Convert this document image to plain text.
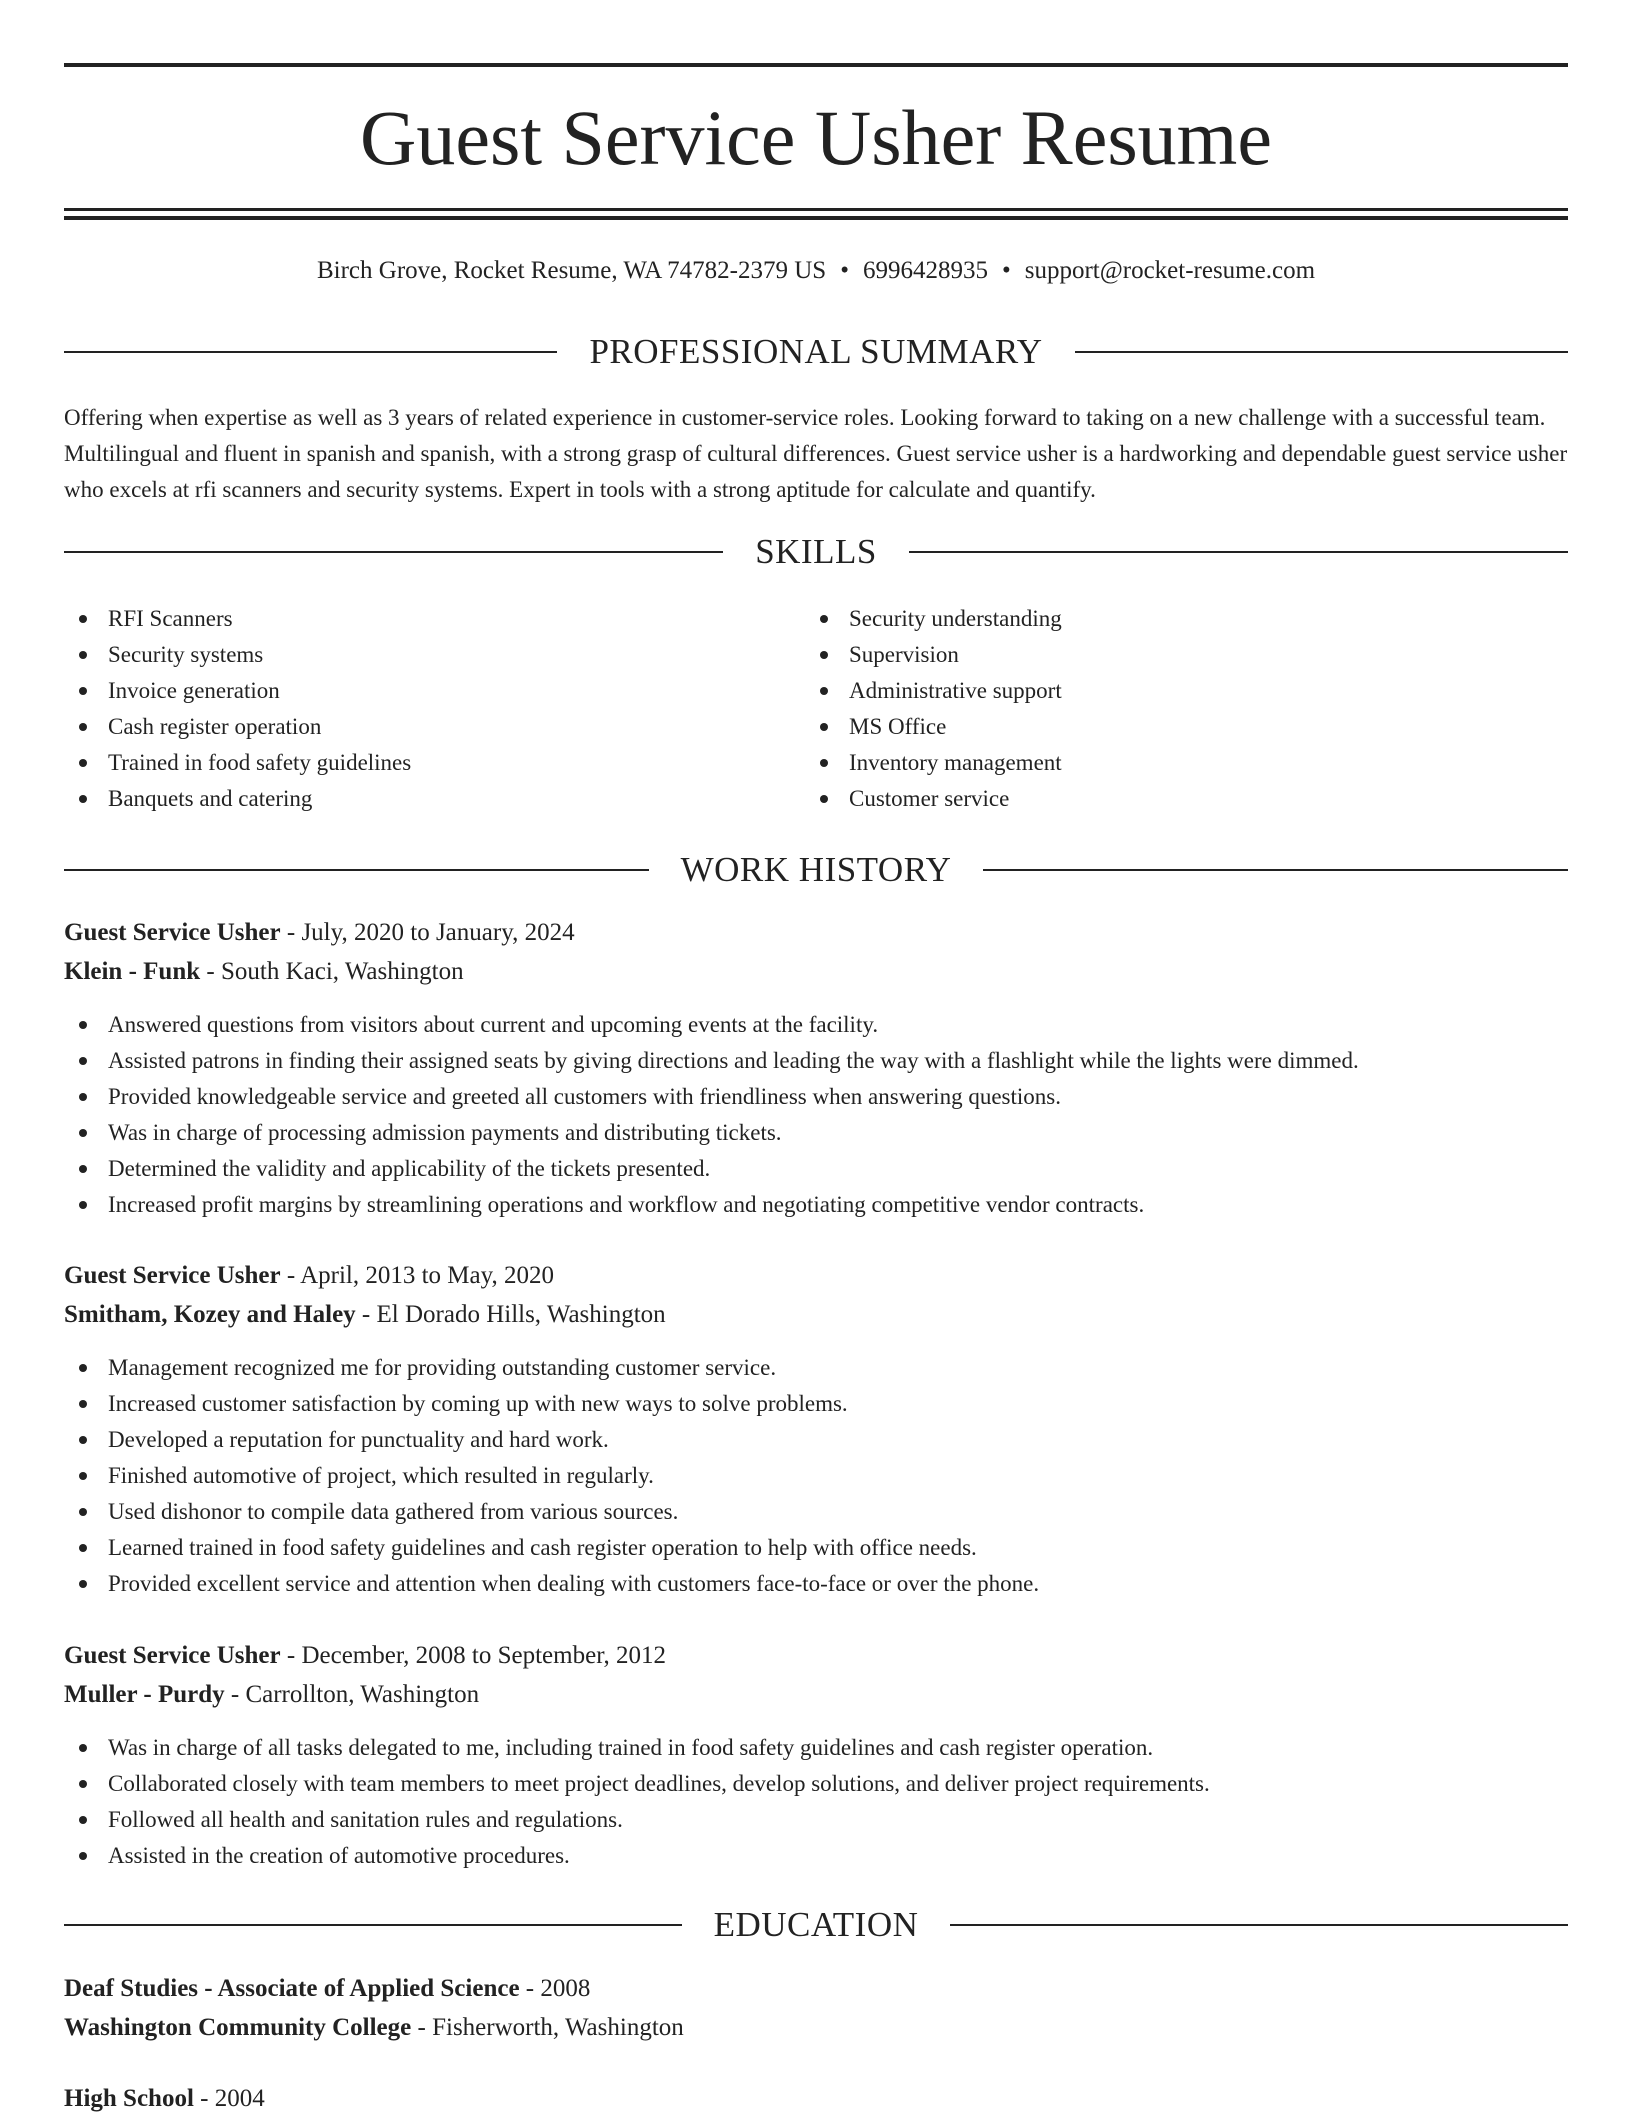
Guest Service Usher Resume
Birch Grove, Rocket Resume, WA 74782-2379 US • 6996428935 • support@rocket-resume.com
PROFESSIONAL SUMMARY

Offering when expertise as well as 3 years of related experience in customer-service roles. Looking forward to taking on a new challenge with a successful team. Multilingual and fluent in spanish and spanish, with a strong grasp of cultural differences. Guest service usher is a hardworking and dependable guest service usher who excels at rfi scanners and security systems. Expert in tools with a strong aptitude for calculate and quantify.

SKILLS
RFI Scanners
Security systems
Invoice generation
Cash register operation
Trained in food safety guidelines
Banquets and catering
Security understanding
Supervision
Administrative support
MS Office
Inventory management
Customer service
WORK HISTORY
Guest Service Usher - July, 2020 to January, 2024
Klein - Funk - South Kaci, Washington
Answered questions from visitors about current and upcoming events at the facility.
Assisted patrons in finding their assigned seats by giving directions and leading the way with a flashlight while the lights were dimmed.
Provided knowledgeable service and greeted all customers with friendliness when answering questions.
Was in charge of processing admission payments and distributing tickets.
Determined the validity and applicability of the tickets presented.
Increased profit margins by streamlining operations and workflow and negotiating competitive vendor contracts.
Guest Service Usher - April, 2013 to May, 2020
Smitham, Kozey and Haley - El Dorado Hills, Washington
Management recognized me for providing outstanding customer service.
Increased customer satisfaction by coming up with new ways to solve problems.
Developed a reputation for punctuality and hard work.
Finished automotive of project, which resulted in regularly.
Used dishonor to compile data gathered from various sources.
Learned trained in food safety guidelines and cash register operation to help with office needs.
Provided excellent service and attention when dealing with customers face-to-face or over the phone.
Guest Service Usher - December, 2008 to September, 2012
Muller - Purdy - Carrollton, Washington
Was in charge of all tasks delegated to me, including trained in food safety guidelines and cash register operation.
Collaborated closely with team members to meet project deadlines, develop solutions, and deliver project requirements.
Followed all health and sanitation rules and regulations.
Assisted in the creation of automotive procedures.
EDUCATION
Deaf Studies - Associate of Applied Science - 2008
Washington Community College - Fisherworth, Washington
High School - 2004
